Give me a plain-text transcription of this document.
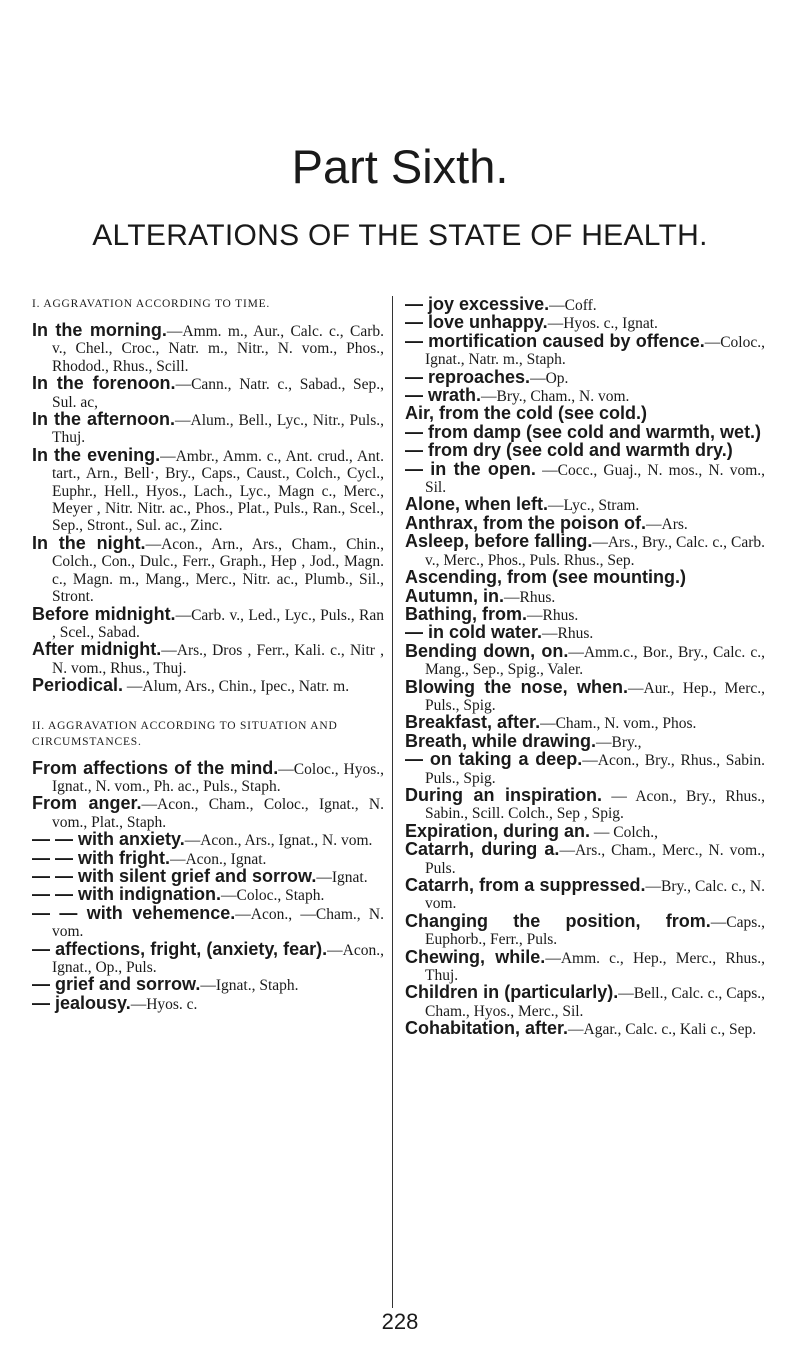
Part Sixth.
ALTERATIONS OF THE STATE OF HEALTH.
I. AGGRAVATION ACCORDING TO TIME.
In the morning.—Amm. m., Aur., Calc. c., Carb. v., Chel., Croc., Natr. m., Nitr., N. vom., Phos., Rhodod., Rhus., Scill.
In the forenoon.—Cann., Natr. c., Sabad., Sep., Sul. ac,
In the afternoon.—Alum., Bell., Lyc., Nitr., Puls., Thuj.
In the evening.—Ambr., Amm. c., Ant. crud., Ant. tart., Arn., Bell·, Bry., Caps., Caust., Colch., Cycl., Euphr., Hell., Hyos., Lach., Lyc., Magn c., Merc., Meyer , Nitr. Nitr. ac., Phos., Plat., Puls., Ran., Scel., Sep., Stront., Sul. ac., Zinc.
In the night.—Acon., Arn., Ars., Cham., Chin., Colch., Con., Dulc., Ferr., Graph., Hep , Jod., Magn. c., Magn. m., Mang., Merc., Nitr. ac., Plumb., Sil., Stront.
Before midnight.—Carb. v., Led., Lyc., Puls., Ran , Scel., Sabad.
After midnight.—Ars., Dros , Ferr., Kali. c., Nitr , N. vom., Rhus., Thuj.
Periodical. —Alum, Ars., Chin., Ipec., Natr. m.
II. AGGRAVATION ACCORDING TO SITUATION AND CIRCUMSTANCES.
From affections of the mind.—Coloc., Hyos., Ignat., N. vom., Ph. ac., Puls., Staph.
From anger.—Acon., Cham., Coloc., Ignat., N. vom., Plat., Staph.
— — with anxiety.—Acon., Ars., Ignat., N. vom.
— — with fright.—Acon., Ignat.
— — with silent grief and sorrow.—Ignat.
— — with indignation.—Coloc., Staph.
— — with vehemence.—Acon., —Cham., N. vom.
— affections, fright, (anxiety, fear).—Acon., Ignat., Op., Puls.
— grief and sorrow.—Ignat., Staph.
— jealousy.—Hyos. c.
— joy excessive.—Coff.
— love unhappy.—Hyos. c., Ignat.
— mortification caused by offence.—Coloc., Ignat., Natr. m., Staph.
— reproaches.—Op.
— wrath.—Bry., Cham., N. vom.
Air, from the cold (see cold.)
— from damp (see cold and warmth, wet.)
— from dry (see cold and warmth dry.)
— in the open. —Cocc., Guaj., N. mos., N. vom., Sil.
Alone, when left.—Lyc., Stram.
Anthrax, from the poison of.—Ars.
Asleep, before falling.—Ars., Bry., Calc. c., Carb. v., Merc., Phos., Puls. Rhus., Sep.
Ascending, from (see mounting.)
Autumn, in.—Rhus.
Bathing, from.—Rhus.
— in cold water.—Rhus.
Bending down, on.—Amm.c., Bor., Bry., Calc. c., Mang., Sep., Spig., Valer.
Blowing the nose, when.—Aur., Hep., Merc., Puls., Spig.
Breakfast, after.—Cham., N. vom., Phos.
Breath, while drawing.—Bry.,
— on taking a deep.—Acon., Bry., Rhus., Sabin. Puls., Spig.
During an inspiration. — Acon., Bry., Rhus., Sabin., Scill. Colch., Sep , Spig.
Expiration, during an. — Colch.,
Catarrh, during a.—Ars., Cham., Merc., N. vom., Puls.
Catarrh, from a suppressed.—Bry., Calc. c., N. vom.
Changing the position, from.—Caps., Euphorb., Ferr., Puls.
Chewing, while.—Amm. c., Hep., Merc., Rhus., Thuj.
Children in (particularly).—Bell., Calc. c., Caps., Cham., Hyos., Merc., Sil.
Cohabitation, after.—Agar., Calc. c., Kali c., Sep.
228
